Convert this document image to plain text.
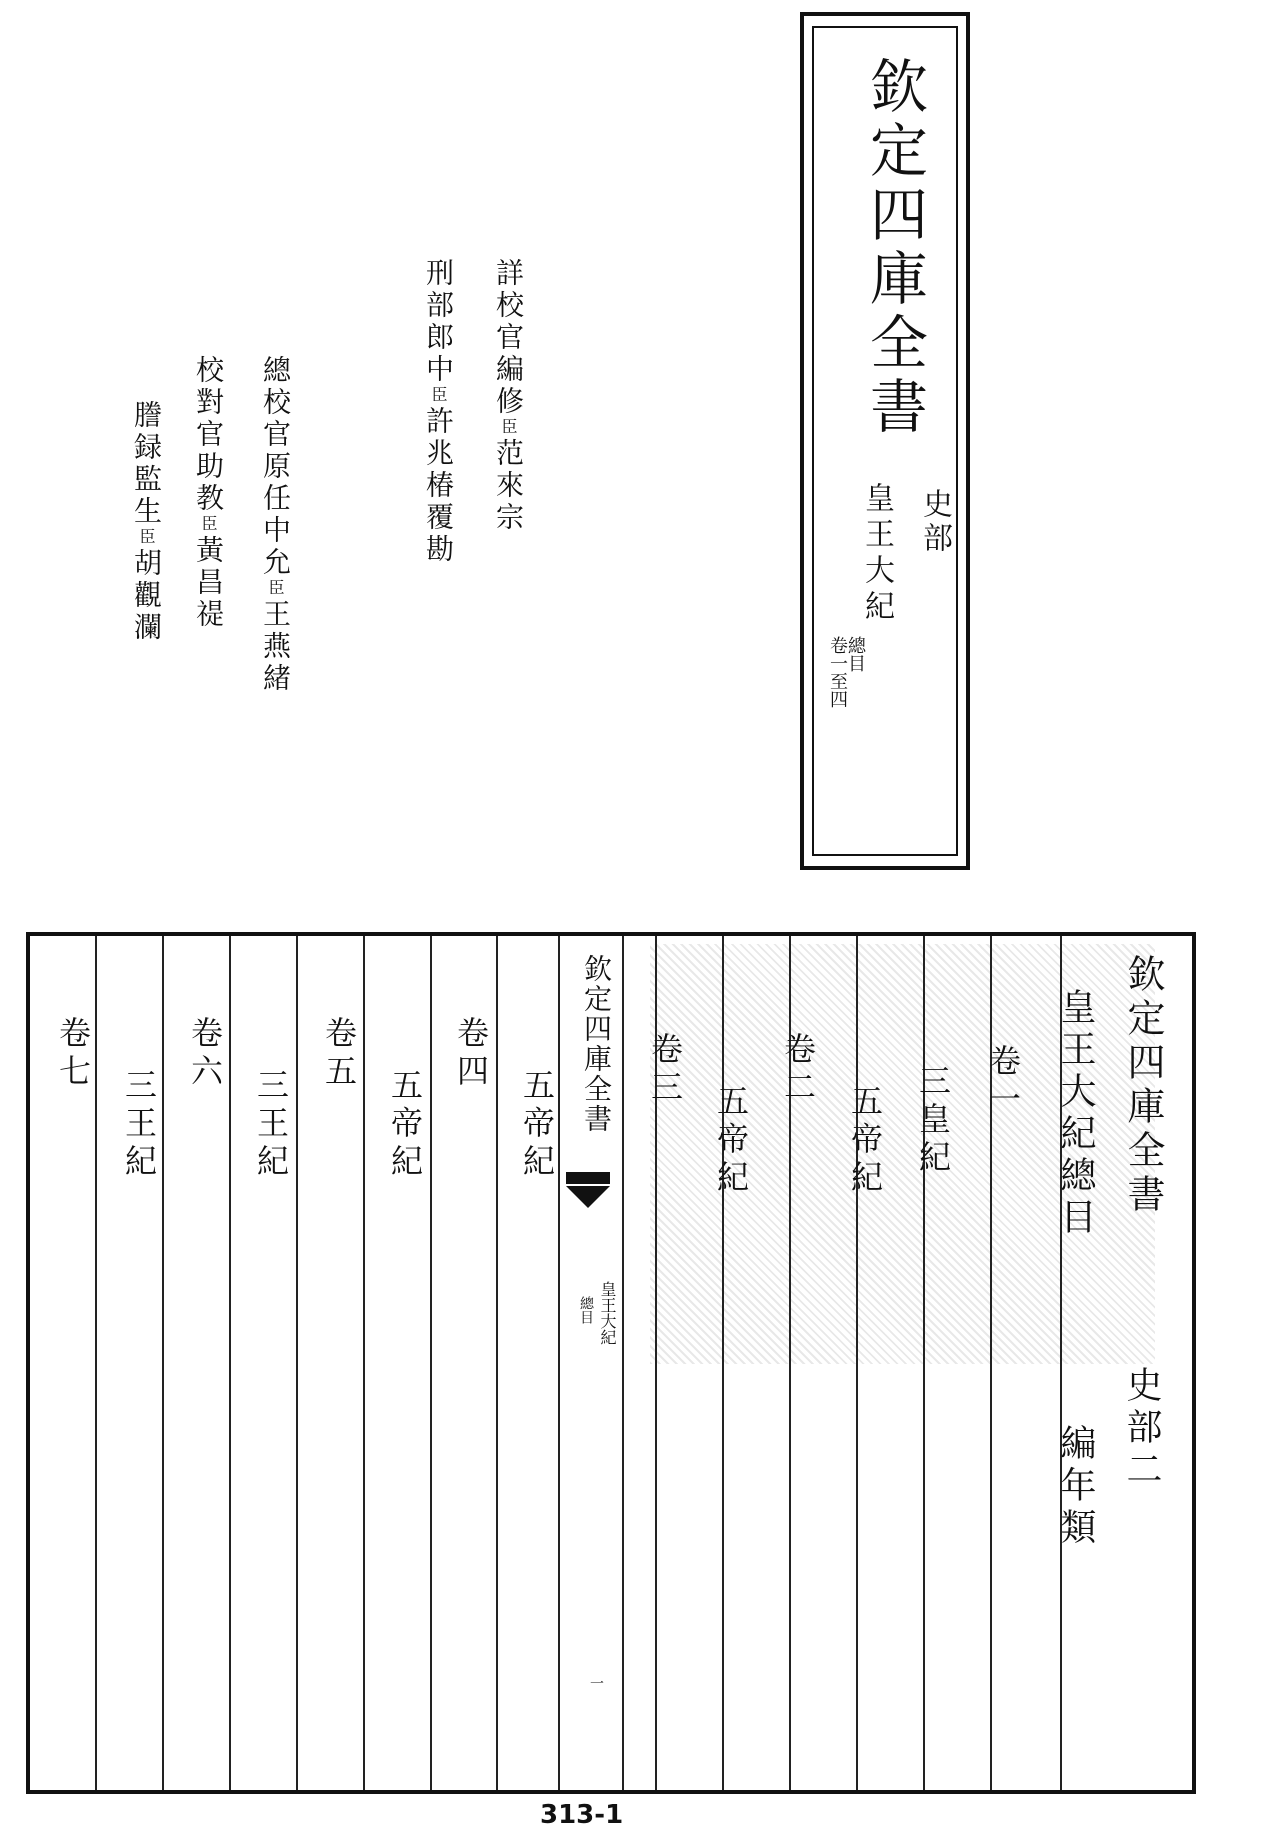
欽定四庫全書
史部
皇王大紀
總目
卷一至四
詳校官編修臣范來宗
刑部郎中臣許兆椿覆勘
總校官原任中允臣王燕緒
校對官助教臣黃昌禔
謄録監生臣胡觀瀾
欽定四庫全書
史部二
皇王大紀總目
編年類
卷一
三皇紀
五帝紀
卷二
五帝紀
卷三
欽定四庫全書
皇王大紀
總目
一
五帝紀
卷四
五帝紀
卷五
三王紀
卷六
三王紀
卷七
313-1
